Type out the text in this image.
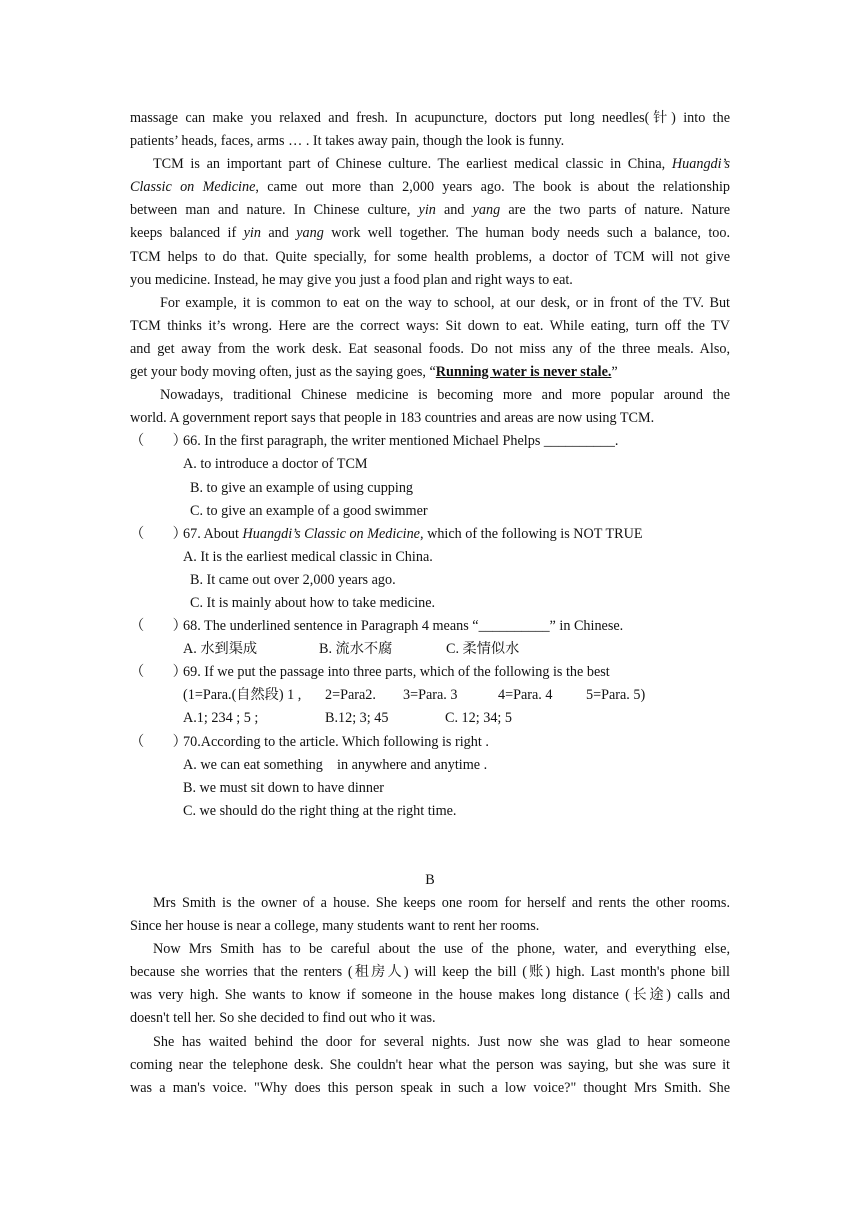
massage can make you relaxed and fresh. In acupuncture, doctors put long needles(针) into the
patients’ heads, faces, arms … . It takes away pain, though the look is funny.
TCM is an important part of Chinese culture. The earliest medical classic in China, Huangdi’s
Classic on Medicine, came out more than 2,000 years ago. The book is about the relationship
between man and nature. In Chinese culture, yin and yang are the two parts of nature. Nature
keeps balanced if yin and yang work well together. The human body needs such a balance, too.
TCM helps to do that. Quite specially, for some health problems, a doctor of TCM will not give
you medicine. Instead, he may give you just a food plan and right ways to eat.
For example, it is common to eat on the way to school, at our desk, or in front of the TV. But
TCM thinks it’s wrong. Here are the correct ways: Sit down to eat. While eating, turn off the TV
and get away from the work desk. Eat seasonal foods. Do not miss any of the three meals. Also,
get your body moving often, just as the saying goes, “Running water is never stale.”
Nowadays, traditional Chinese medicine is becoming more and more popular around the
world. A government report says that people in 183 countries and areas are now using TCM.
（　　）66. In the first paragraph, the writer mentioned Michael Phelps __________.
A. to introduce a doctor of TCM
B. to give an example of using cupping
C. to give an example of a good swimmer
（　　）67. About Huangdi’s Classic on Medicine, which of the following is NOT TRUE
A. It is the earliest medical classic in China.
B. It came out over 2,000 years ago.
C. It is mainly about how to take medicine.
（　　）68. The underlined sentence in Paragraph 4 means “__________” in Chinese.
A. 水到渠成	B. 流水不腐	C. 柔情似水
（　　）69. If we put the passage into three parts, which of the following is the best
(1=Para.(自然段) 1 , 2=Para2. 3=Para. 3	4=Para. 4 5=Para. 5)
A.1; 234 ; 5 ;	B.12; 3; 45	C. 12; 34; 5
（　　）70.According to the article. Which following is right .
A. we can eat something    in anywhere and anytime .
B. we must sit down to have dinner
C. we should do the right thing at the right time.
B
Mrs Smith is the owner of a house. She keeps one room for herself and rents the other rooms.
Since her house is near a college, many students want to rent her rooms.
Now Mrs Smith has to be careful about the use of the phone, water, and everything else,
because she worries that the renters (租房人) will keep the bill (账) high. Last month's phone bill
was very high. She wants to know if someone in the house makes long distance (长途) calls and
doesn't tell her. So she decided to find out who it was.
She has waited behind the door for several nights. Just now she was glad to hear someone
coming near the telephone desk. She couldn't hear what the person was saying, but she was sure it
was a man's voice. "Why does this person speak in such a low voice?" thought Mrs Smith. She
